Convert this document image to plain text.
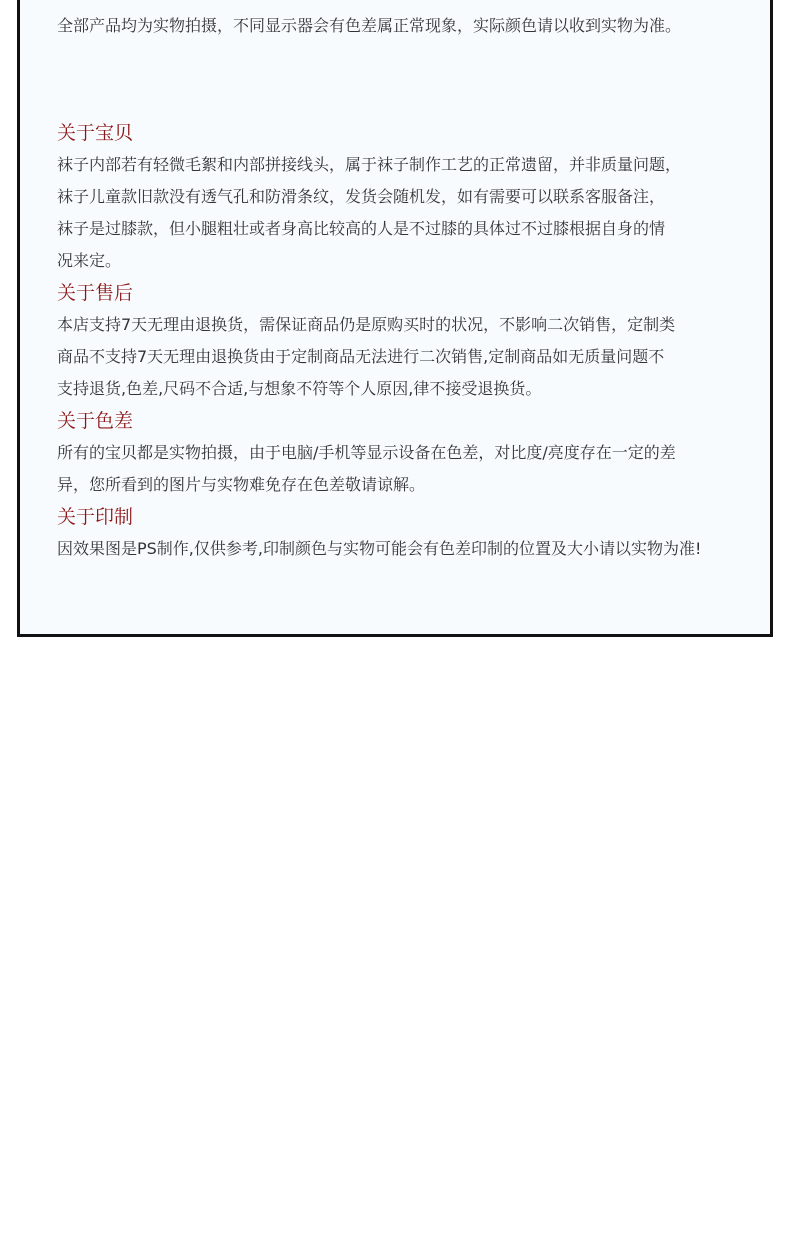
全部产品均为实物拍摄，不同显示器会有色差属正常现象，实际颜色请以收到实物为准。

关于宝贝

袜子内部若有轻微毛絮和内部拼接线头，属于袜子制作工艺的正常遗留，并非质量问题，
袜子儿童款旧款没有透气孔和防滑条纹，发货会随机发，如有需要可以联系客服备注，
袜子是过膝款，但小腿粗壮或者身高比较高的人是不过膝的具体过不过膝根据自身的情
况来定。

关于售后

本店支持7天无理由退换货，需保证商品仍是原购买时的状况，不影响二次销售，定制类
商品不支持7天无理由退换货由于定制商品无法进行二次销售,定制商品如无质量问题不
支持退货,色差,尺码不合适,与想象不符等个人原因,律不接受退换货。

关于色差

所有的宝贝都是实物拍摄，由于电脑/手机等显示设备在色差，对比度/亮度存在一定的差
异，您所看到的图片与实物难免存在色差敬请谅解。

关于印制

因效果图是PS制作,仅供参考,印制颜色与实物可能会有色差印制的位置及大小请以实物为准!
